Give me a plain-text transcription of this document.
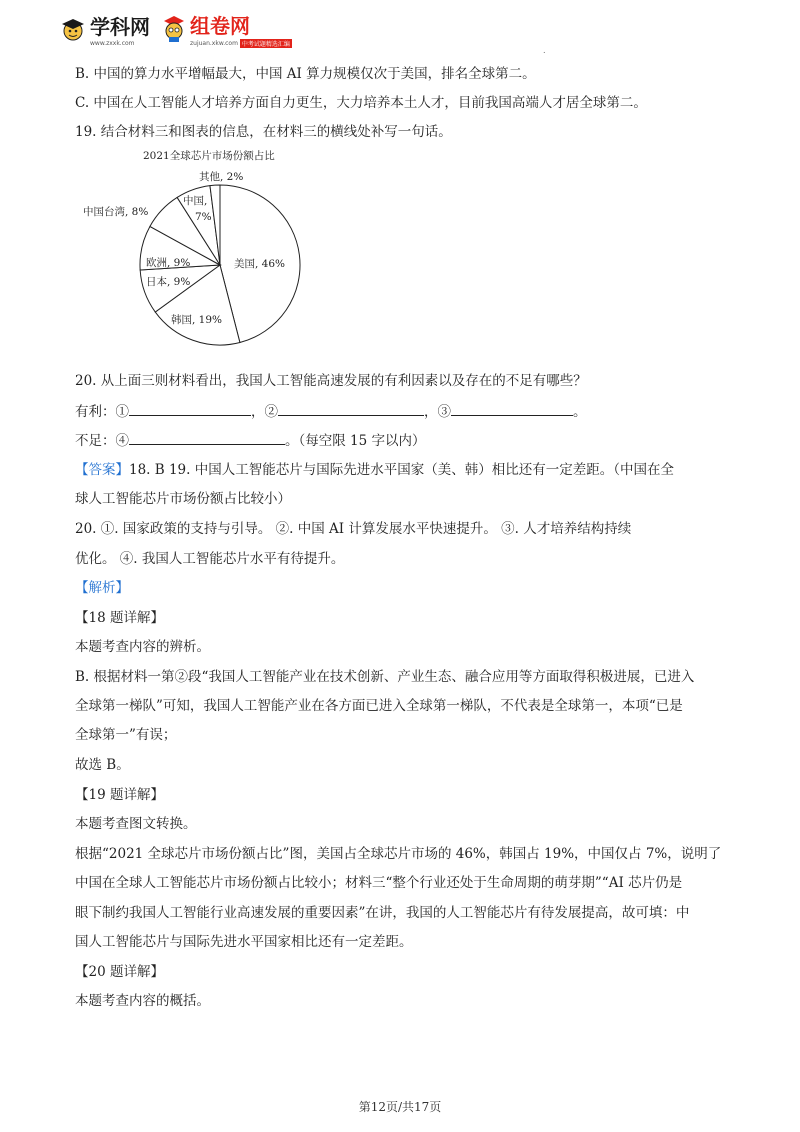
学科网
www.zxxk.com
组卷网
zujuan.xkw.com 中考试题精选汇编
.
B. 中国的算力水平增幅最大，中国 AI 算力规模仅次于美国，排名全球第二。
C. 中国在人工智能人才培养方面自力更生，大力培养本土人才，目前我国高端人才居全球第二。
19. 结合材料三和图表的信息，在材料三的横线处补写一句话。
2021全球芯片市场份额占比
美国, 46%
韩国, 19%
日本, 9%
欧洲, 9%
中国台湾, 8%
中国,
7%
其他, 2%
20. 从上面三则材料看出，我国人工智能高速发展的有利因素以及存在的不足有哪些？
有利：①	，②	，③	。
不足：④	。（每空限 15 字以内）
【答案】18. B 19. 中国人工智能芯片与国际先进水平国家（美、韩）相比还有一定差距。（中国在全
球人工智能芯片市场份额占比较小）
20. ①. 国家政策的支持与引导。 ②. 中国 AI 计算发展水平快速提升。 ③. 人才培养结构持续
优化。 ④. 我国人工智能芯片水平有待提升。
【解析】
【18 题详解】
本题考查内容的辨析。
B. 根据材料一第②段“我国人工智能产业在技术创新、产业生态、融合应用等方面取得积极进展，已进入
全球第一梯队”可知，我国人工智能产业在各方面已进入全球第一梯队，不代表是全球第一，本项“已是
全球第一”有误；
故选 B。
【19 题详解】
本题考查图文转换。
根据“2021 全球芯片市场份额占比”图，美国占全球芯片市场的 46%，韩国占 19%，中国仅占 7%，说明了
中国在全球人工智能芯片市场份额占比较小；材料三“整个行业还处于生命周期的萌芽期”“AI 芯片仍是
眼下制约我国人工智能行业高速发展的重要因素”在讲，我国的人工智能芯片有待发展提高，故可填：中
国人工智能芯片与国际先进水平国家相比还有一定差距。
【20 题详解】
本题考查内容的概括。
第12页/共17页
